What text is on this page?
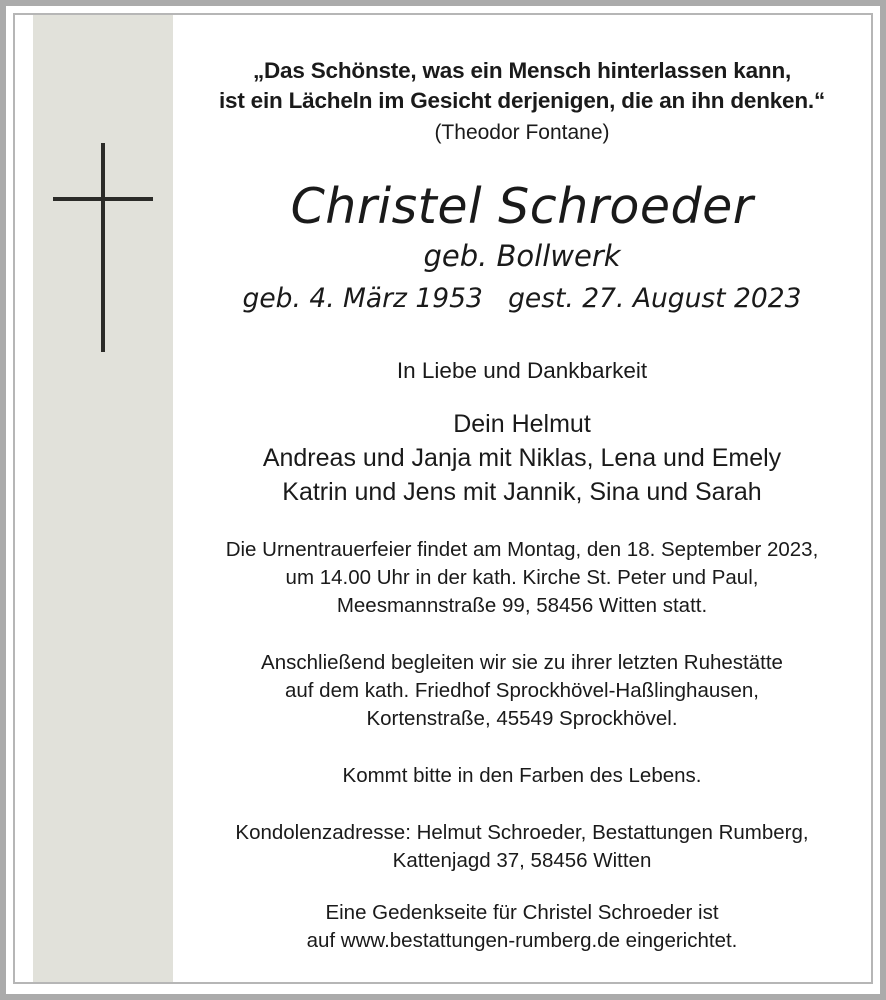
„Das Schönste, was ein Mensch hinterlassen kann,
ist ein Lächeln im Gesicht derjenigen, die an ihn denken.“
(Theodor Fontane)
Christel Schroeder
geb. Bollwerk
geb. 4. März 1953   gest. 27. August 2023
In Liebe und Dankbarkeit
Dein Helmut
Andreas und Janja mit Niklas, Lena und Emely
Katrin und Jens mit Jannik, Sina und Sarah
Die Urnentrauerfeier findet am Montag, den 18. September 2023,
um 14.00 Uhr in der kath. Kirche St. Peter und Paul,
Meesmannstraße 99, 58456 Witten statt.
Anschließend begleiten wir sie zu ihrer letzten Ruhestätte
auf dem kath. Friedhof Sprockhövel-Haßlinghausen,
Kortenstraße, 45549 Sprockhövel.
Kommt bitte in den Farben des Lebens.
Kondolenzadresse: Helmut Schroeder, Bestattungen Rumberg,
Kattenjagd 37, 58456 Witten
Eine Gedenkseite für Christel Schroeder ist
auf www.bestattungen-rumberg.de eingerichtet.
